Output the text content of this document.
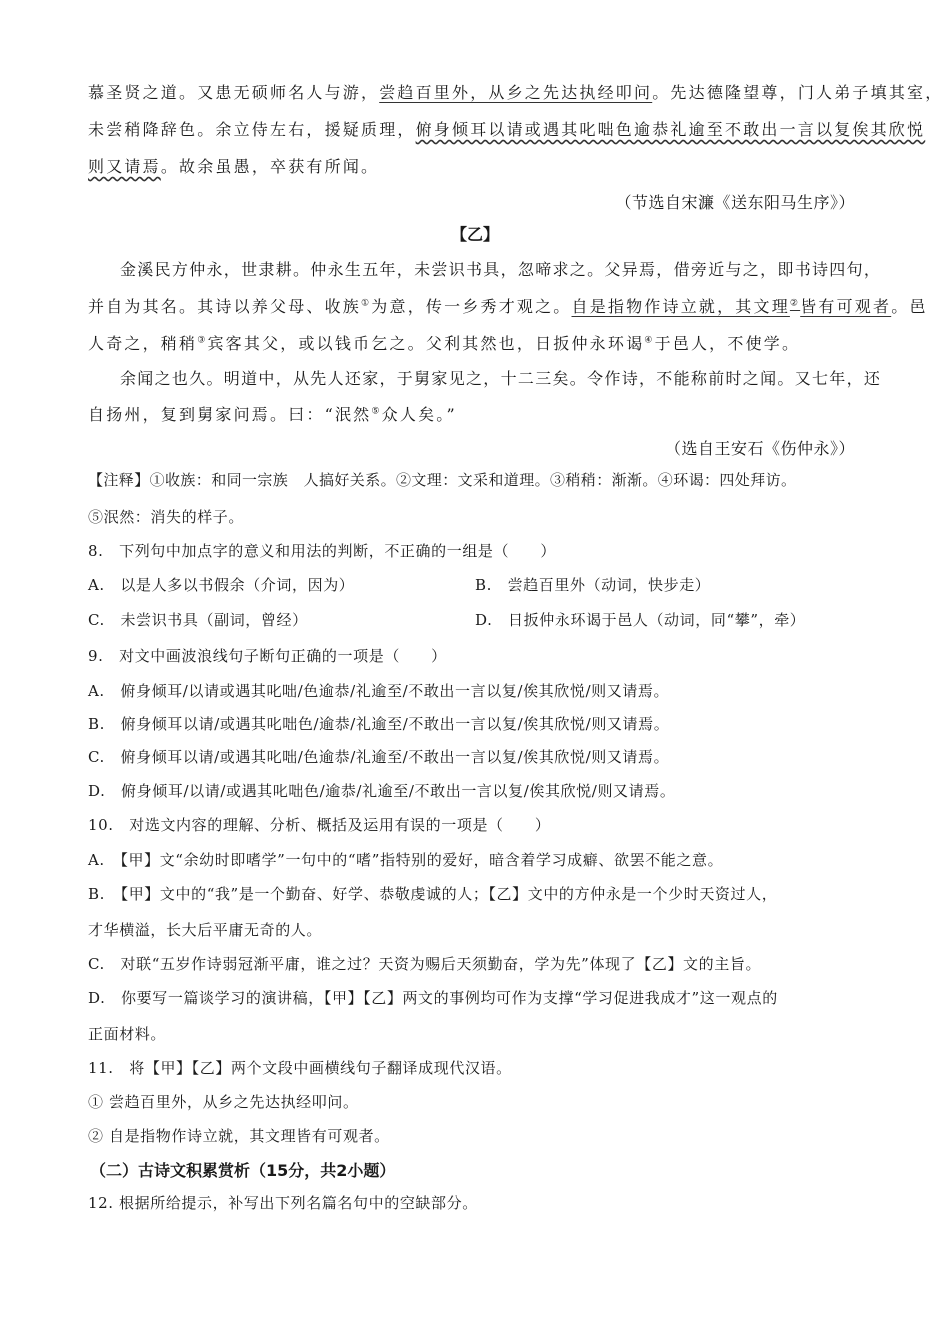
慕圣贤之道。又患无硕师名人与游，尝趋百里外，从乡之先达执经叩问。先达德隆望尊，门人弟子填其室，
未尝稍降辞色。余立侍左右，援疑质理，俯身倾耳以请或遇其叱咄色逾恭礼逾至不敢出一言以复俟其欣悦
则又请焉。故余虽愚，卒获有所闻。
（节选自宋濂《送东阳马生序》）
【乙】
金溪民方仲永，世隶耕。仲永生五年，未尝识书具，忽啼求之。父异焉，借旁近与之，即书诗四句，
并自为其名。其诗以养父母、收族①为意，传一乡秀才观之。自是指物作诗立就，其文理②皆有可观者。邑
人奇之，稍稍③宾客其父，或以钱币乞之。父利其然也，日扳仲永环谒④于邑人，不使学。
余闻之也久。明道中，从先人还家，于舅家见之，十二三矣。令作诗，不能称前时之闻。又七年，还
自扬州，复到舅家问焉。曰：“泯然⑤众人矣。”
（选自王安石《伤仲永》）
【注释】①收族：和同一宗族　人搞好关系。②文理：文采和道理。③稍稍：渐渐。④环谒：四处拜访。
⑤泯然：消失的样子。
8.　下列句中加点字的意义和用法的判断，不正确的一组是（　　）
A.　以是人多以书假余（介词，因为）	B.　尝趋百里外（动词，快步走）
C.　未尝识书具（副词，曾经）	D.　日扳仲永环谒于邑人（动词，同“攀”，牵）
9.　对文中画波浪线句子断句正确的一项是（　　）
A.　俯身倾耳/以请或遇其叱咄/色逾恭/礼逾至/不敢出一言以复/俟其欣悦/则又请焉。
B.　俯身倾耳以请/或遇其叱咄色/逾恭/礼逾至/不敢出一言以复/俟其欣悦/则又请焉。
C.　俯身倾耳以请/或遇其叱咄/色逾恭/礼逾至/不敢出一言以复/俟其欣悦/则又请焉。
D.　俯身倾耳/以请/或遇其叱咄色/逾恭/礼逾至/不敢出一言以复/俟其欣悦/则又请焉。
10.　对选文内容的理解、分析、概括及运用有误的一项是（　　）
A.　【甲】文“余幼时即嗜学”一句中的“嗜”指特别的爱好，暗含着学习成癖、欲罢不能之意。
B.　【甲】文中的“我”是一个勤奋、好学、恭敬虔诚的人；【乙】文中的方仲永是一个少时天资过人，
才华横溢，长大后平庸无奇的人。
C.　对联“五岁作诗弱冠渐平庸，谁之过？天资为赐后天须勤奋，学为先”体现了【乙】文的主旨。
D.　你要写一篇谈学习的演讲稿，【甲】【乙】两文的事例均可作为支撑“学习促进我成才”这一观点的
正面材料。
11.　将【甲】【乙】两个文段中画横线句子翻译成现代汉语。
① 尝趋百里外，从乡之先达执经叩问。
② 自是指物作诗立就，其文理皆有可观者。
（二）古诗文积累赏析（15分，共2小题）
12. 根据所给提示，补写出下列名篇名句中的空缺部分。
